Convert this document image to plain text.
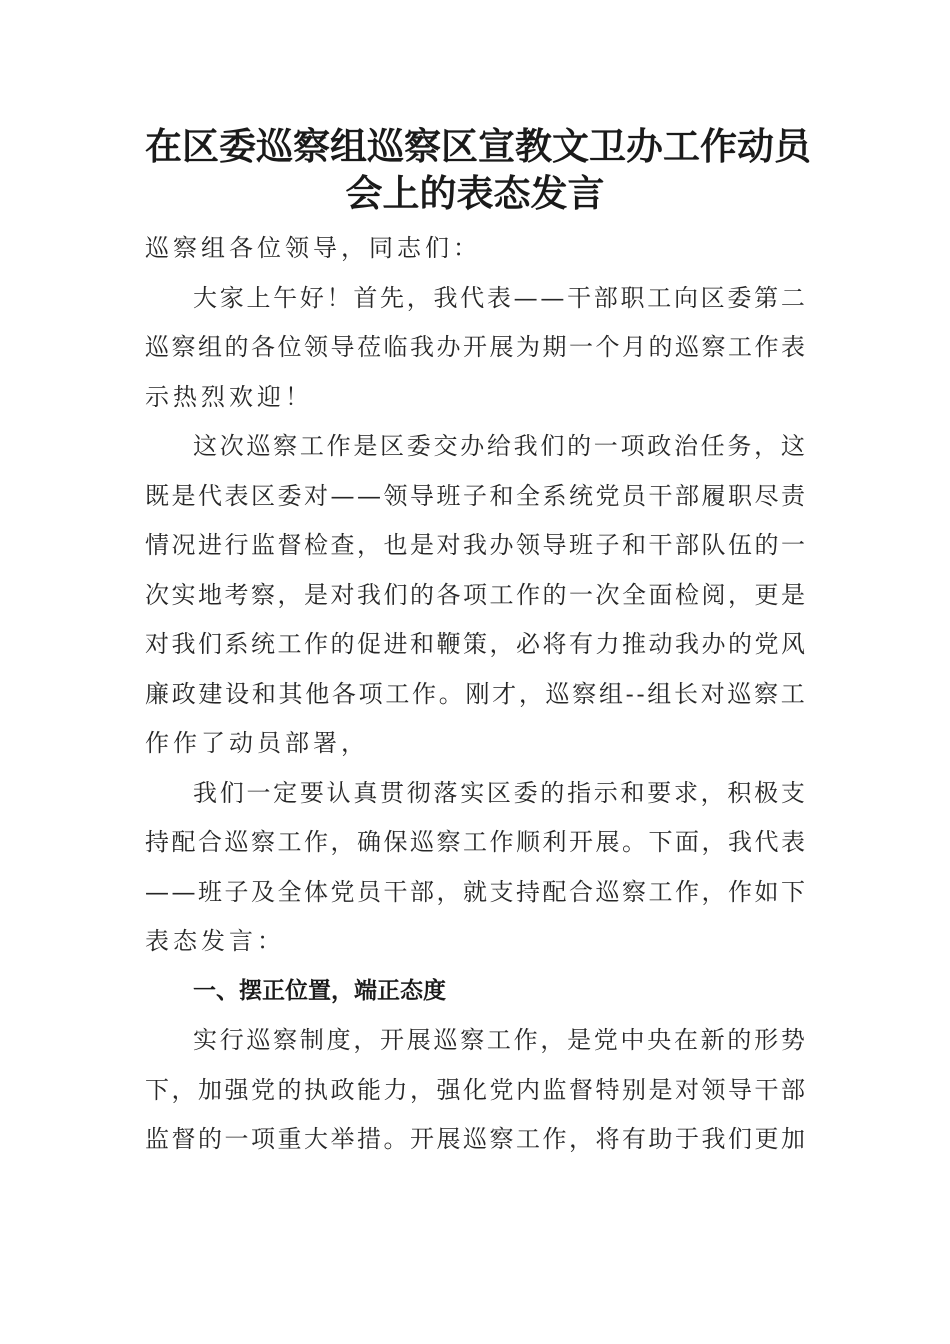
在区委巡察组巡察区宣教文卫办工作动员
会上的表态发言
巡察组各位领导，同志们：
大 家 上 午 好 ！ 首 先 ， 我 代 表 — — 干 部 职 工 向 区 委 第 二
巡 察 组 的 各 位 领 导 莅 临 我 办 开 展 为 期 一 个 月 的 巡 察 工 作 表
示热烈欢迎！
这 次 巡 察 工 作 是 区 委 交 办 给 我 们 的 一 项 政 治 任 务 ， 这
既 是 代 表 区 委 对 — — 领 导 班 子 和 全 系 统 党 员 干 部 履 职 尽 责
情 况 进 行 监 督 检 查 ， 也 是 对 我 办 领 导 班 子 和 干 部 队 伍 的 一
次 实 地 考 察 ， 是 对 我 们 的 各 项 工 作 的 一 次 全 面 检 阅 ， 更 是
对 我 们 系 统 工 作 的 促 进 和 鞭 策 ， 必 将 有 力 推 动 我 办 的 党 风
廉 政 建 设 和 其 他 各 项 工 作 。 刚 才 ， 巡 察 组 - - 组 长 对 巡 察 工
作作了动员部署，
我 们 一 定 要 认 真 贯 彻 落 实 区 委 的 指 示 和 要 求 ， 积 极 支
持 配 合 巡 察 工 作 ， 确 保 巡 察 工 作 顺 利 开 展 。 下 面 ， 我 代 表
— — 班 子 及 全 体 党 员 干 部 ， 就 支 持 配 合 巡 察 工 作 ， 作 如 下
表态发言：
一、摆正位置，端正态度
实 行 巡 察 制 度 ， 开 展 巡 察 工 作 ， 是 党 中 央 在 新 的 形 势
下 ， 加 强 党 的 执 政 能 力 ， 强 化 党 内 监 督 特 别 是 对 领 导 干 部
监 督 的 一 项 重 大 举 措 。 开 展 巡 察 工 作 ， 将 有 助 于 我 们 更 加
